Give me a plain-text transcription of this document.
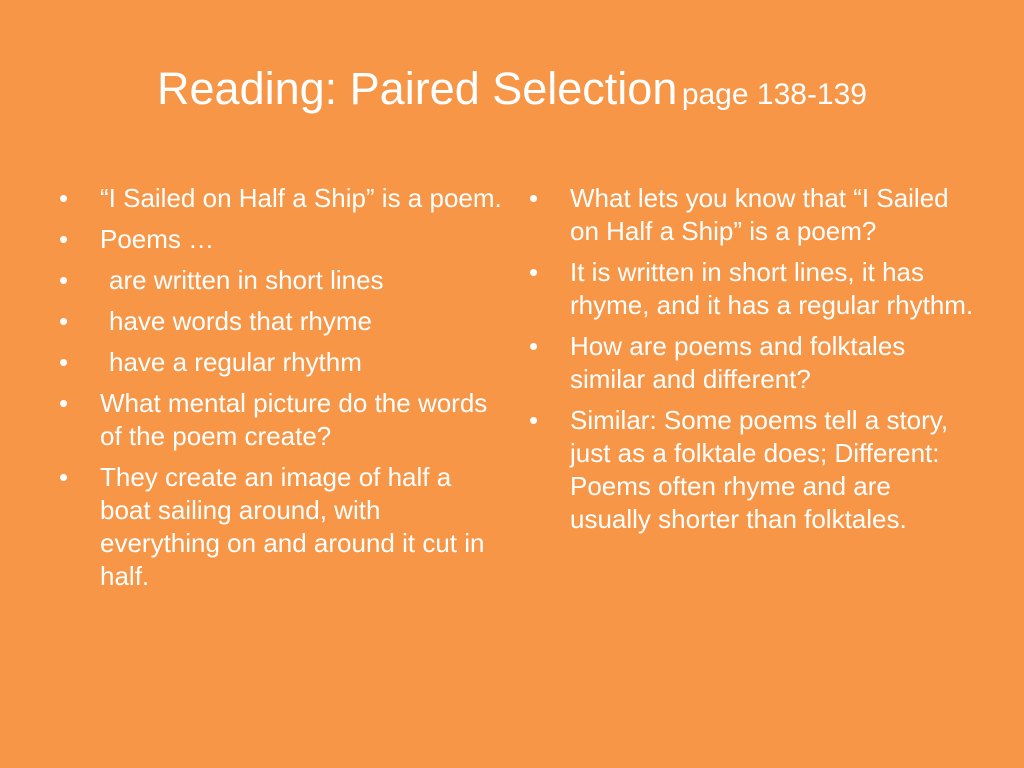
Reading: Paired Selection page 138-139
•	“I Sailed on Half a Ship” is a poem.
•	Poems …
•	are written in short lines
•	have words that rhyme
•	have a regular rhythm
•	What mental picture do the words of the poem create?
•	They create an image of half a boat sailing around, with everything on and around it cut in half.
•	What lets you know that “I Sailed on Half a Ship” is a poem?
•	It is written in short lines, it has rhyme, and it has a regular rhythm.
•	How are poems and folktales similar and different?
•	Similar: Some poems tell a story, just as a folktale does; Different: Poems often rhyme and are usually shorter than folktales.
